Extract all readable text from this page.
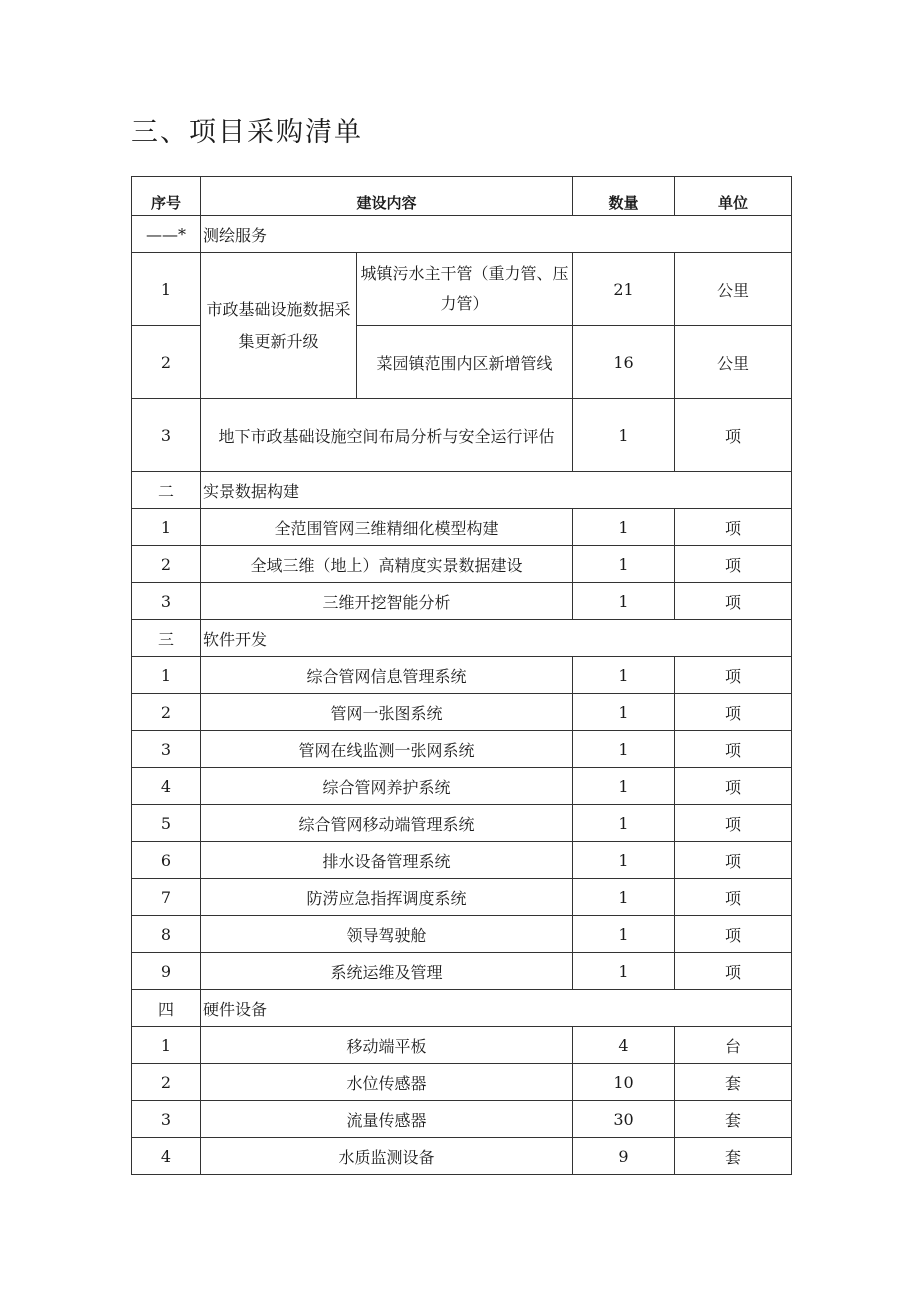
三、项目采购清单
序号	建设内容		数量	单位
——*	测绘服务			
1	市政基础设施数据采集更新升级	城镇污水主干管（重力管、压力管）	21	公里
2		菜园镇范围内区新增管线	16	公里
3	地下市政基础设施空间布局分析与安全运行评估		1	项
二	实景数据构建			
1	全范围管网三维精细化模型构建		1	项
2	全域三维（地上）高精度实景数据建设		1	项
3	三维开挖智能分析		1	项
三	软件开发			
1	综合管网信息管理系统		1	项
2	管网一张图系统		1	项
3	管网在线监测一张网系统		1	项
4	综合管网养护系统		1	项
5	综合管网移动端管理系统		1	项
6	排水设备管理系统		1	项
7	防涝应急指挥调度系统		1	项
8	领导驾驶舱		1	项
9	系统运维及管理		1	项
四	硬件设备			
1	移动端平板		4	台
2	水位传感器		10	套
3	流量传感器		30	套
4	水质监测设备		9	套
